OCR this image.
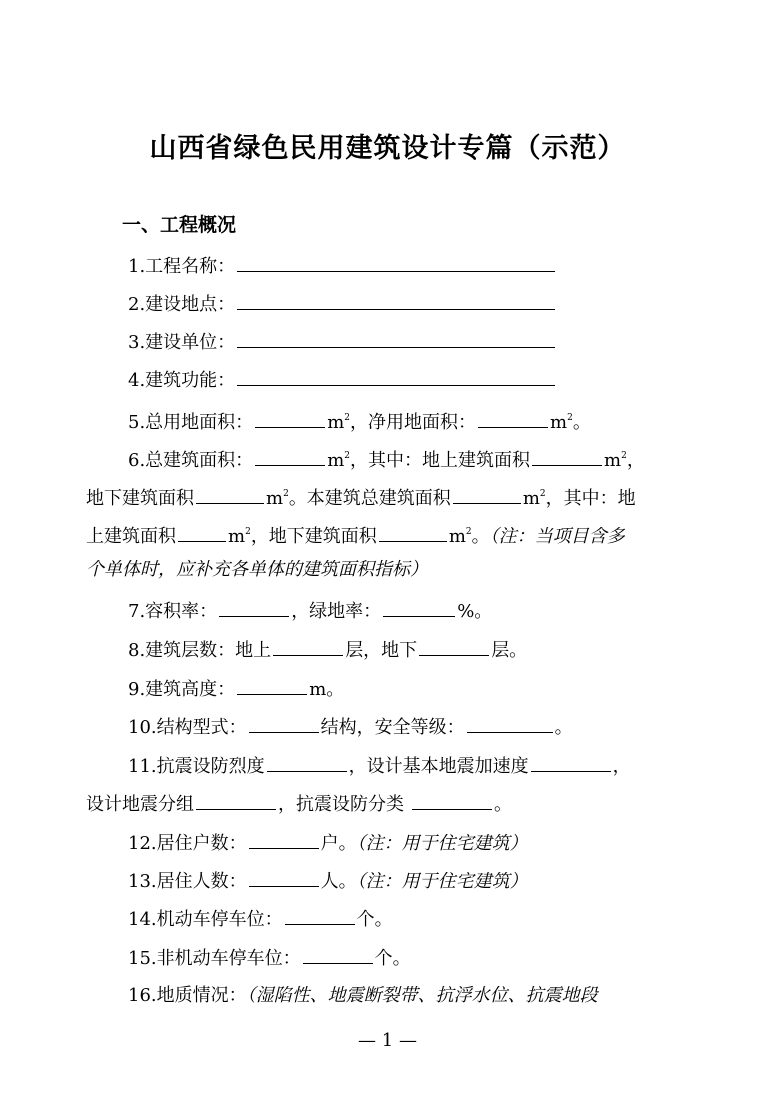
山西省绿色民用建筑设计专篇（示范）
一、工程概况
1.工程名称：
2.建设地点：
3.建设单位：
4.建筑功能：
5.总用地面积：	$m^2$，净用地面积：	$m^2$。
6.总建筑面积：	$m^2$，其中：地上建筑面积	$m^2$，
地下建筑面积	$m^2$。本建筑总建筑面积	$m^2$，其中：地
上建筑面积	$m^2$，地下建筑面积	$m^2$。（注：当项目含多
个单体时，应补充各单体的建筑面积指标）
7.容积率：	，绿地率：	%。
8.建筑层数：地上	层，地下	层。
9.建筑高度：	m。
10.结构型式：	结构，安全等级：	。
11.抗震设防烈度	，设计基本地震加速度	，
设计地震分组	，抗震设防分类	。
12.居住户数：	户。（注：用于住宅建筑）
13.居住人数：	人。（注：用于住宅建筑）
14.机动车停车位：	个。
15.非机动车停车位：	个。
16.地质情况：（湿陷性、地震断裂带、抗浮水位、抗震地段
— 1 —
